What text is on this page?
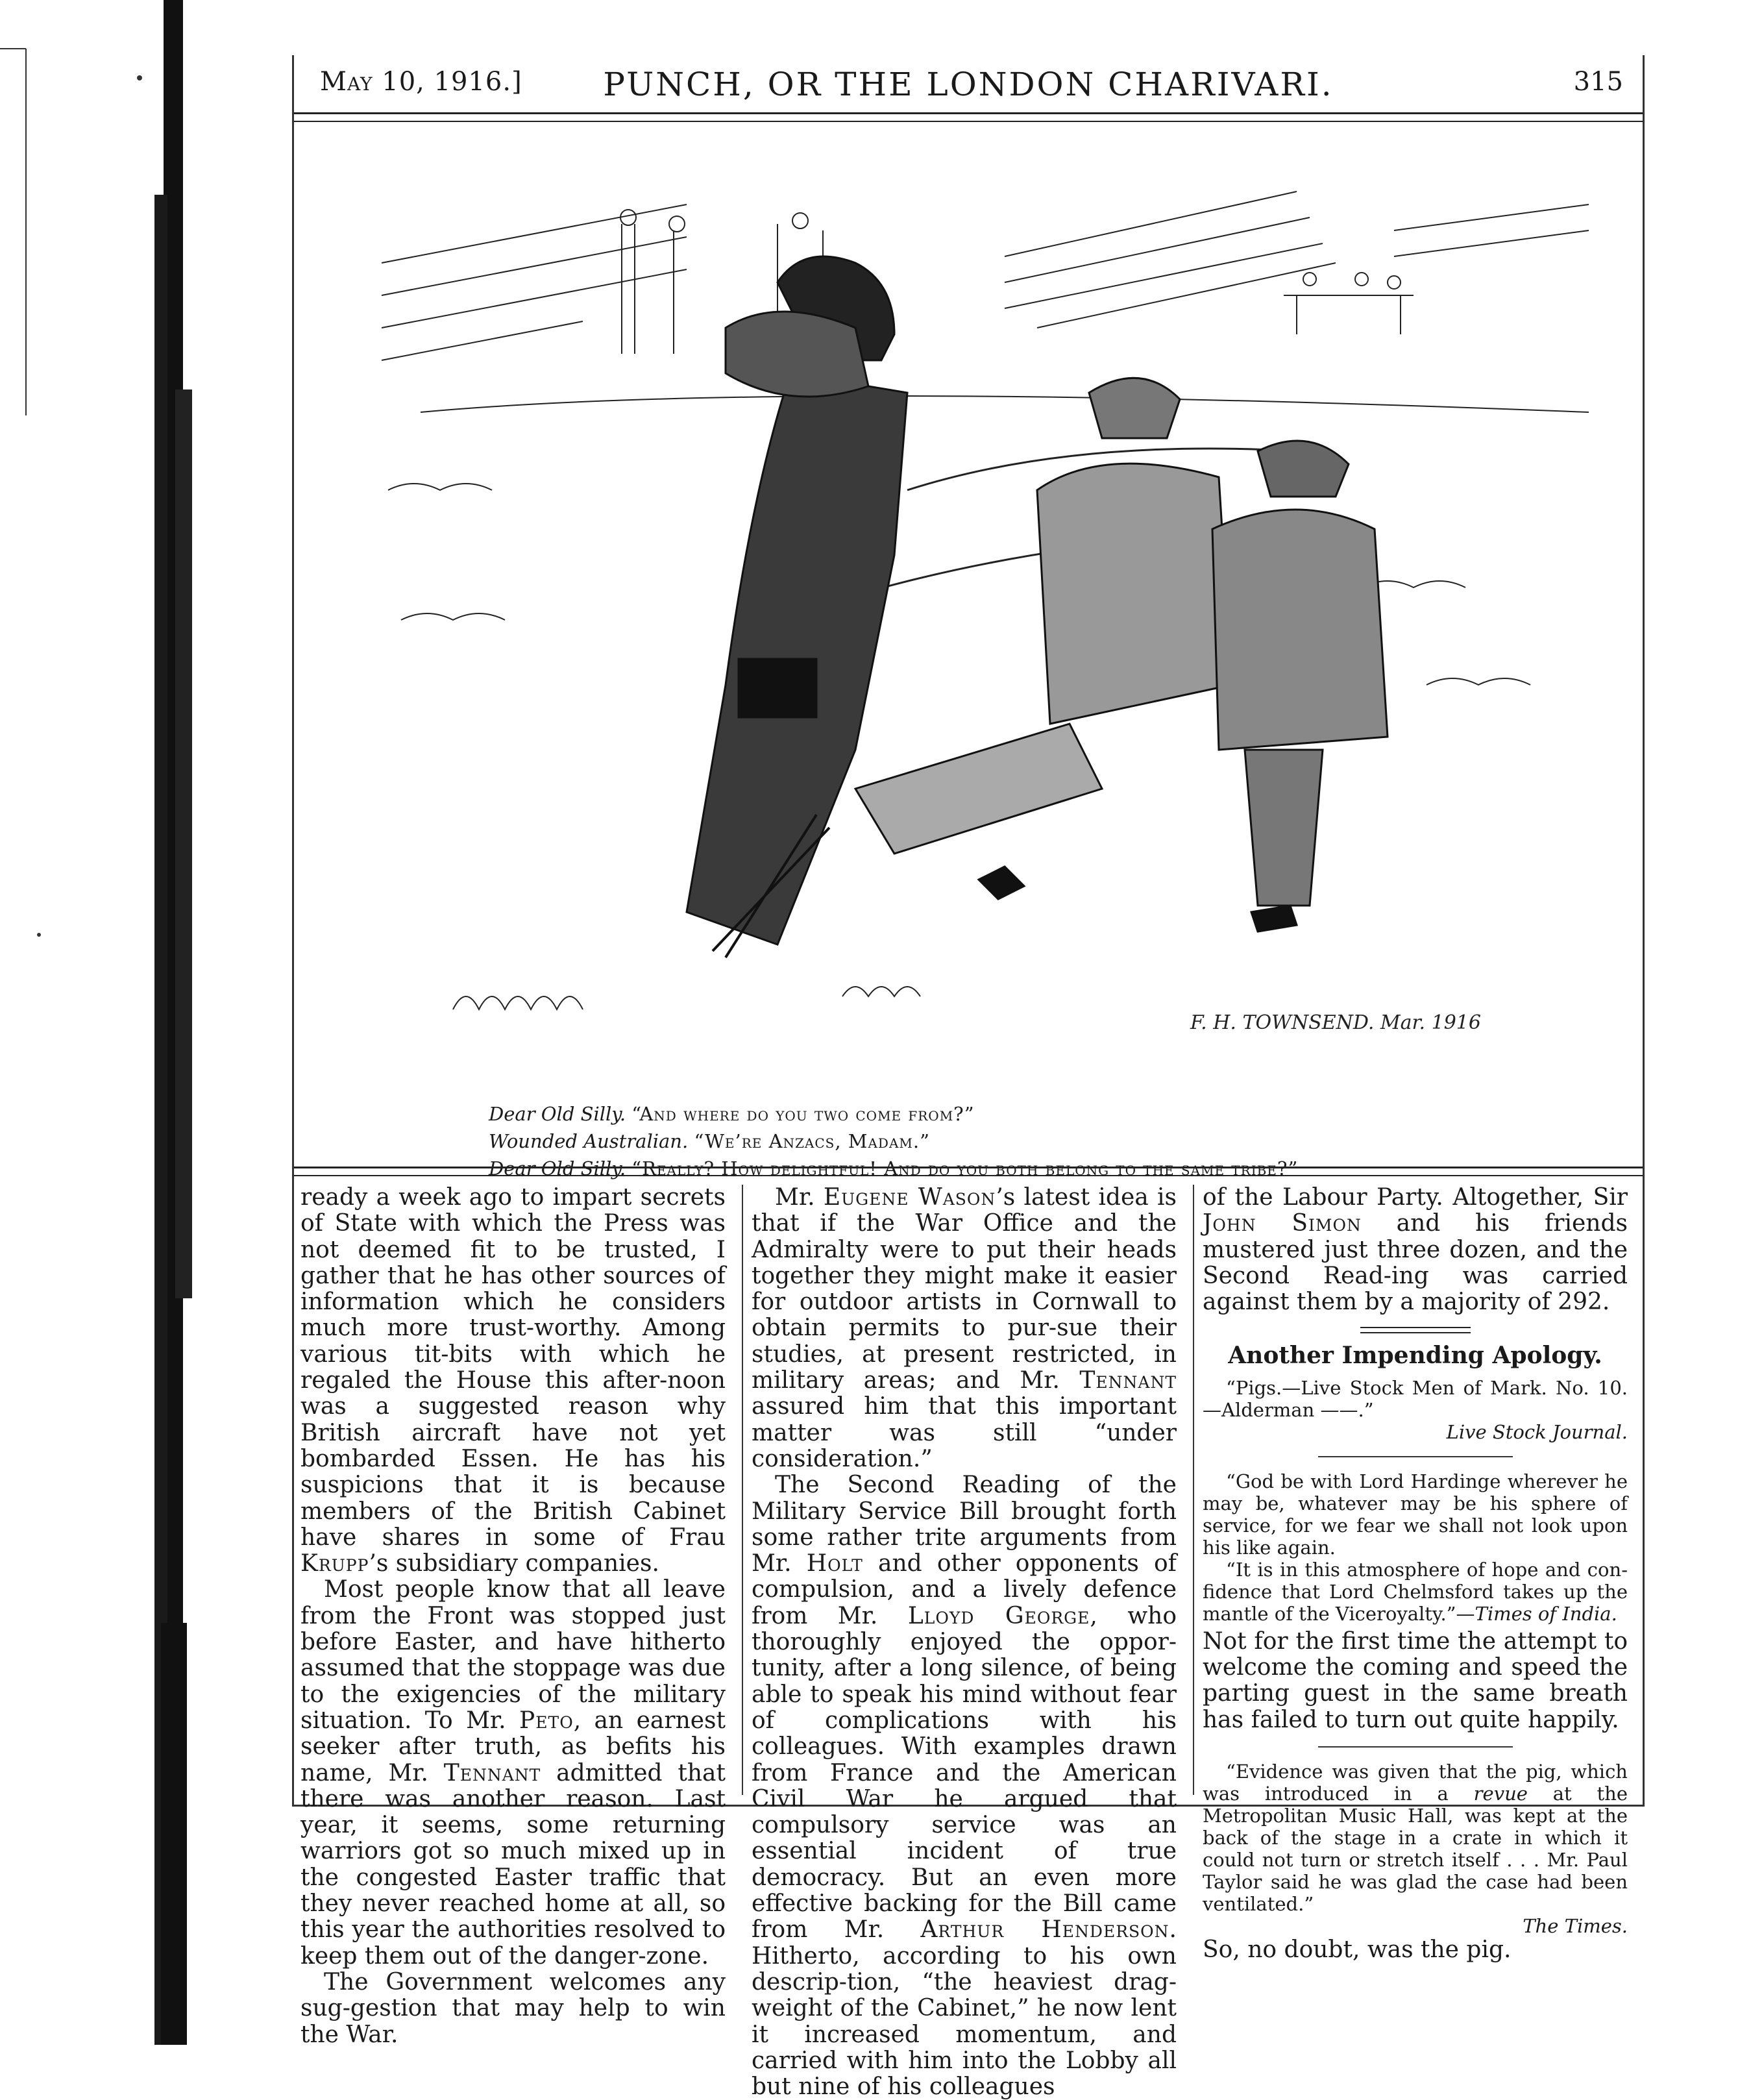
May 10, 1916.]	PUNCH, OR THE LONDON CHARIVARI.	315
F. H. TOWNSEND. Mar. 1916
Dear Old Silly. “And where do you two come from?”
Wounded Australian. “We’re Anzacs, Madam.”
Dear Old Silly. “Really? How delightful! And do you both belong to the same tribe?”

ready a week ago to impart secrets of State with which the Press was not deemed fit to be trusted, I gather that he has other sources of information which he considers much more trust-worthy. Among various tit-bits with which he regaled the House this after-noon was a suggested reason why British aircraft have not yet bombarded Essen. He has his suspicions that it is because members of the British Cabinet have shares in some of Frau Krupp’s subsidiary companies.

Most people know that all leave from the Front was stopped just before Easter, and have hitherto assumed that the stoppage was due to the exigencies of the military situation. To Mr. Peto, an earnest seeker after truth, as befits his name, Mr. Tennant admitted that there was another reason. Last year, it seems, some returning warriors got so much mixed up in the congested Easter traffic that they never reached home at all, so this year the authorities resolved to keep them out of the danger-zone.

The Government welcomes any sug-gestion that may help to win the War.

Mr. Eugene Wason’s latest idea is that if the War Office and the Admiralty were to put their heads together they might make it easier for outdoor artists in Cornwall to obtain permits to pur-sue their studies, at present restricted, in military areas; and Mr. Tennant assured him that this important matter was still “under consideration.”

The Second Reading of the Military Service Bill brought forth some rather trite arguments from Mr. Holt and other opponents of compulsion, and a lively defence from Mr. Lloyd George, who thoroughly enjoyed the oppor-tunity, after a long silence, of being able to speak his mind without fear of complications with his colleagues. With examples drawn from France and the American Civil War he argued that compulsory service was an essential incident of true democracy. But an even more effective backing for the Bill came from Mr. Arthur Henderson. Hitherto, according to his own descrip-tion, “the heaviest drag-weight of the Cabinet,” he now lent it increased momentum, and carried with him into the Lobby all but nine of his colleagues

of the Labour Party. Altogether, Sir John Simon and his friends mustered just three dozen, and the Second Read-ing was carried against them by a majority of 292.

Another Impending Apology.

“Pigs.—Live Stock Men of Mark. No. 10.—Alderman ——.”

Live Stock Journal.

“God be with Lord Hardinge wherever he may be, whatever may be his sphere of service, for we fear we shall not look upon his like again.

“It is in this atmosphere of hope and con-fidence that Lord Chelmsford takes up the mantle of the Viceroyalty.”—Times of India.

Not for the first time the attempt to welcome the coming and speed the parting guest in the same breath has failed to turn out quite happily.

“Evidence was given that the pig, which was introduced in a revue at the Metropolitan Music Hall, was kept at the back of the stage in a crate in which it could not turn or stretch itself . . . Mr. Paul Taylor said he was glad the case had been ventilated.”

The Times.

So, no doubt, was the pig.
